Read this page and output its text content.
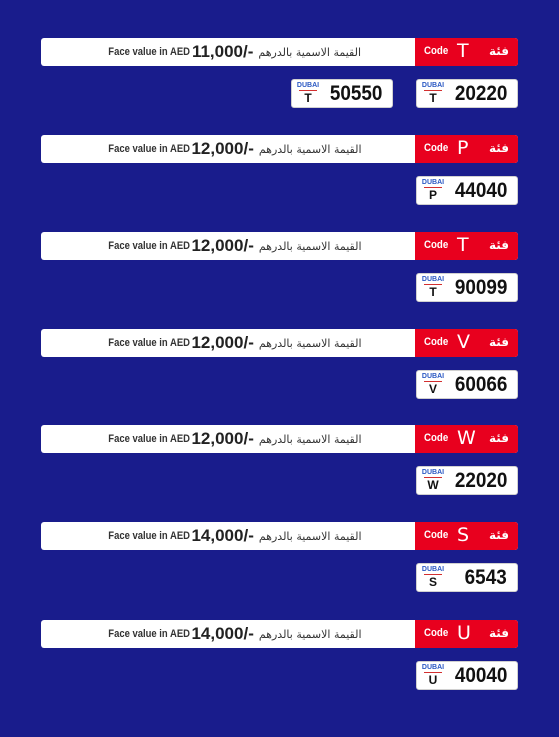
Face value in AED 11,000/- القيمة الاسمية بالدرهم	Code T فئة
DUBAI
T 20220
DUBAI
T 50550
Face value in AED 12,000/- القيمة الاسمية بالدرهم	Code P فئة
DUBAI
P 44040
Face value in AED 12,000/- القيمة الاسمية بالدرهم	Code T فئة
DUBAI
T 90099
Face value in AED 12,000/- القيمة الاسمية بالدرهم	Code V فئة
DUBAI
V 60066
Face value in AED 12,000/- القيمة الاسمية بالدرهم	Code W فئة
DUBAI
W 22020
Face value in AED 14,000/- القيمة الاسمية بالدرهم	Code S فئة
DUBAI
S	6543
Face value in AED 14,000/- القيمة الاسمية بالدرهم	Code U فئة
DUBAI
U 40040
